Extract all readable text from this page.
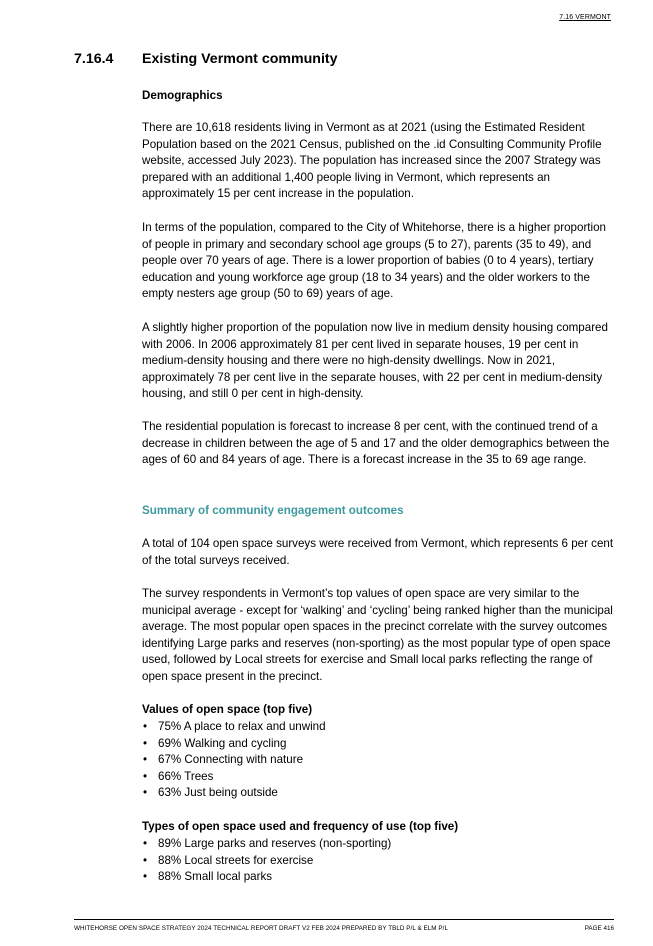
7.16 VERMONT
7.16.4 Existing Vermont community
Demographics

There are 10,618 residents living in Vermont as at 2021 (using the Estimated Resident Population based on the 2021 Census, published on the .id Consulting Community Profile website, accessed July 2023). The population has increased since the 2007 Strategy was prepared with an additional 1,400 people living in Vermont, which represents an approximately 15 per cent increase in the population.

In terms of the population, compared to the City of Whitehorse, there is a higher proportion of people in primary and secondary school age groups (5 to 27), parents (35 to 49), and people over 70 years of age. There is a lower proportion of babies (0 to 4 years), tertiary education and young workforce age group (18 to 34 years) and the older workers to the empty nesters age group (50 to 69) years of age.

A slightly higher proportion of the population now live in medium density housing compared with 2006. In 2006 approximately 81 per cent lived in separate houses, 19 per cent in medium-density housing and there were no high-density dwellings. Now in 2021, approximately 78 per cent live in the separate houses, with 22 per cent in medium-density housing, and still 0 per cent in high-density.

The residential population is forecast to increase 8 per cent, with the continued trend of a decrease in children between the age of 5 and 17 and the older demographics between the ages of 60 and 84 years of age. There is a forecast increase in the 35 to 69 age range.

Summary of community engagement outcomes

A total of 104 open space surveys were received from Vermont, which represents 6 per cent of the total surveys received.

The survey respondents in Vermont’s top values of open space are very similar to the municipal average - except for ‘walking’ and ‘cycling’ being ranked higher than the municipal average. The most popular open spaces in the precinct correlate with the survey outcomes identifying Large parks and reserves (non-sporting) as the most popular type of open space used, followed by Local streets for exercise and Small local parks reflecting the range of open space present in the precinct.

Values of open space (top five)
• 75% A place to relax and unwind
• 69% Walking and cycling
• 67% Connecting with nature
• 66% Trees
• 63% Just being outside
Types of open space used and frequency of use (top five)
• 89% Large parks and reserves (non-sporting)
• 88% Local streets for exercise
• 88% Small local parks
WHITEHORSE OPEN SPACE STRATEGY 2024 TECHNICAL REPORT DRAFT V2 FEB 2024 PREPARED BY TBLD P/L & ELM P/L	PAGE 416
